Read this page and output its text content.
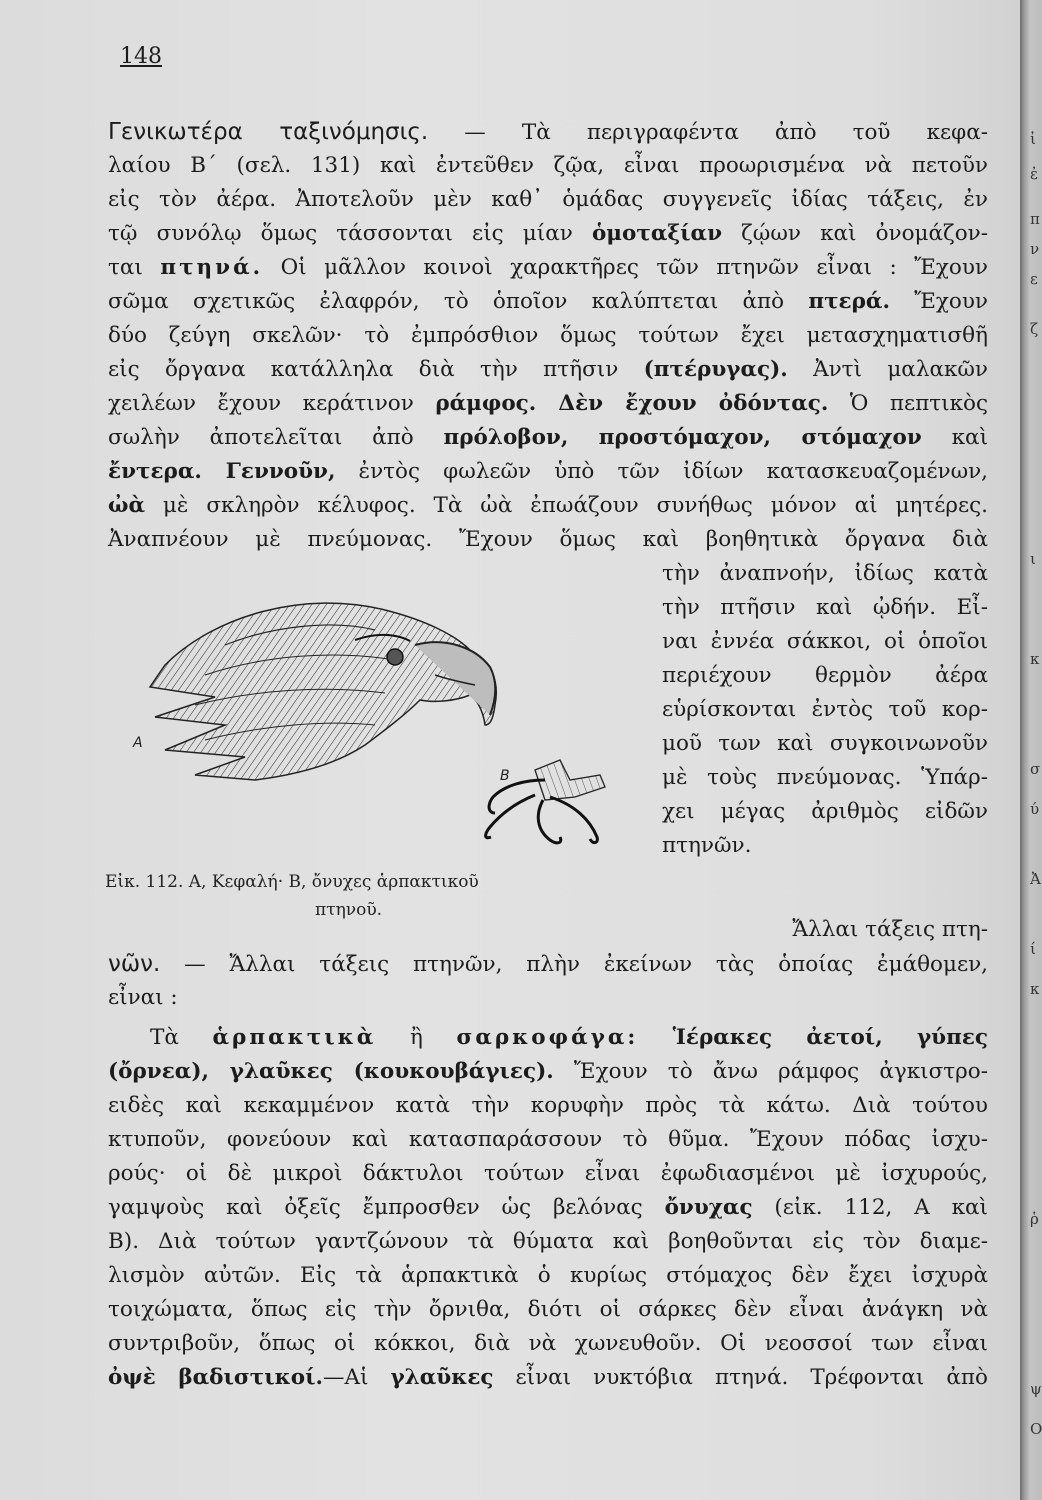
148
Γενικωτέρα ταξινόμησις. — Τὰ περιγραφέντα ἀπὸ τοῦ κεφα-
λαίου Β΄ (σελ. 131) καὶ ἐντεῦθεν ζῷα, εἶναι προωρισμένα νὰ πετοῦν
εἰς τὸν ἀέρα. Ἀποτελοῦν μὲν καθ᾽ ὁμάδας συγγενεῖς ἰδίας τάξεις, ἐν
τῷ συνόλῳ ὅμως τάσσονται εἰς μίαν ὁμοταξίαν ζῴων καὶ ὀνομάζον-
ται πτηνά. Οἱ μᾶλλον κοινοὶ χαρακτῆρες τῶν πτηνῶν εἶναι : Ἔχουν
σῶμα σχετικῶς ἐλαφρόν, τὸ ὁποῖον καλύπτεται ἀπὸ πτερά. Ἔχουν
δύο ζεύγη σκελῶν· τὸ ἐμπρόσθιον ὅμως τούτων ἔχει μετασχηματισθῆ
εἰς ὄργανα κατάλληλα διὰ τὴν πτῆσιν (πτέρυγας). Ἀντὶ μαλακῶν
χειλέων ἔχουν κεράτινον ράμφος. Δὲν ἔχουν ὀδόντας. Ὁ πεπτικὸς
σωλὴν ἀποτελεῖται ἀπὸ πρόλοβον, προστόμαχον, στόμαχον καὶ
ἔντερα. Γεννοῦν, ἐντὸς φωλεῶν ὑπὸ τῶν ἰδίων κατασκευαζομένων,
ὠὰ μὲ σκληρὸν κέλυφος. Τὰ ὠὰ ἐπωάζουν συνήθως μόνον αἱ μητέρες.
Ἀναπνέουν μὲ πνεύμονας. Ἔχουν ὅμως καὶ βοηθητικὰ ὄργανα διὰ
τὴν ἀναπνοήν, ἰδίως κατὰ
τὴν πτῆσιν καὶ ᾠδήν. Εἶ-
ναι ἐννέα σάκκοι, οἱ ὁποῖοι
περιέχουν θερμὸν ἀέρα
εὑρίσκονται ἐντὸς τοῦ κορ-
μοῦ των καὶ συγκοινωνοῦν
μὲ τοὺς πνεύμονας. Ὑπάρ-
χει μέγας ἀριθμὸς εἰδῶν
πτηνῶν.
A
B
Εἰκ. 112. Α, Κεφαλή· Β, ὄνυχες ἁρπακτικοῦ
πτηνοῦ.
Ἄλλαι τάξεις πτη-
νῶν. — Ἄλλαι τάξεις πτηνῶν, πλὴν ἐκείνων τὰς ὁποίας ἐμάθομεν,
εἶναι :
Τὰ ἁρπακτικὰ ἢ σαρκοφάγα: Ἱέρακες ἀετοί, γύπες
(ὄρνεα), γλαῦκες (κουκουβάγιες). Ἔχουν τὸ ἄνω ράμφος ἀγκιστρο-
ειδὲς καὶ κεκαμμένον κατὰ τὴν κορυφὴν πρὸς τὰ κάτω. Διὰ τούτου
κτυποῦν, φονεύουν καὶ κατασπαράσσουν τὸ θῦμα. Ἔχουν πόδας ἰσχυ-
ρούς· οἱ δὲ μικροὶ δάκτυλοι τούτων εἶναι ἐφωδιασμένοι μὲ ἰσχυρούς,
γαμψοὺς καὶ ὀξεῖς ἔμπροσθεν ὡς βελόνας ὄνυχας (εἰκ. 112, Α καὶ
Β). Διὰ τούτων γαντζώνουν τὰ θύματα καὶ βοηθοῦνται εἰς τὸν διαμε-
λισμὸν αὐτῶν. Εἰς τὰ ἁρπακτικὰ ὁ κυρίως στόμαχος δὲν ἔχει ἰσχυρὰ
τοιχώματα, ὅπως εἰς τὴν ὄρνιθα, διότι οἱ σάρκες δὲν εἶναι ἀνάγκη νὰ
συντριβοῦν, ὅπως οἱ κόκκοι, διὰ νὰ χωνευθοῦν. Οἱ νεοσσοί των εἶναι
ὀψὲ βαδιστικοί.—Αἱ γλαῦκες εἶναι νυκτόβια πτηνά. Τρέφονται ἀπὸ
ἰ
ἐ
π
ν
ε
ζ
ι
κ
σ
ύ
Ἀ
ί
κ
ῥ
ψ
Ο
